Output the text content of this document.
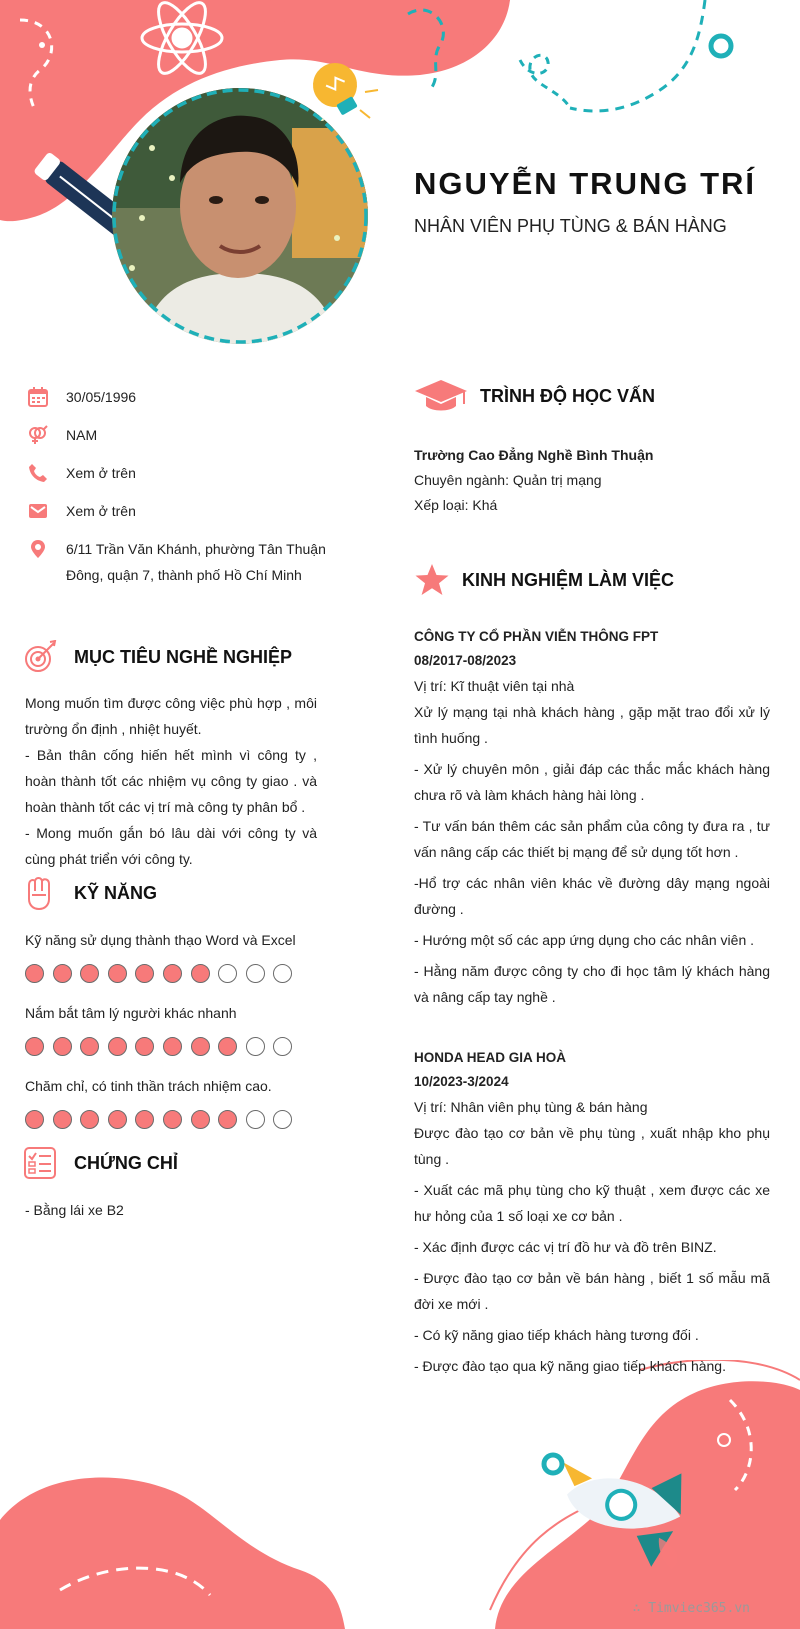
NGUYỄN TRUNG TRÍ
NHÂN VIÊN PHỤ TÙNG & BÁN HÀNG
30/05/1996
NAM
Xem ở trên
Xem ở trên
6/11 Trần Văn Khánh, phường Tân Thuận Đông, quận 7, thành phố Hồ Chí Minh
MỤC TIÊU NGHỀ NGHIỆP

Mong muốn tìm được công việc phù hợp , môi trường ổn định , nhiệt huyết.

- Bản thân cống hiến hết mình vì công ty , hoàn thành tốt các nhiệm vụ công ty giao . và hoàn thành tốt các vị trí mà công ty phân bổ .

- Mong muốn gắn bó lâu dài với công ty và cùng phát triển với công ty.

KỸ NĂNG
Kỹ năng sử dụng thành thạo Word và Excel
Nắm bắt tâm lý người khác nhanh
Chăm chỉ, có tinh thần trách nhiệm cao.
CHỨNG CHỈ
- Bằng lái xe B2
TRÌNH ĐỘ HỌC VẤN
Trường Cao Đẳng Nghề Bình Thuận
Chuyên ngành: Quản trị mạng
Xếp loại: Khá
KINH NGHIỆM LÀM VIỆC
CÔNG TY CỔ PHẦN VIỄN THÔNG FPT
08/2017-08/2023

Vị trí: Kĩ thuật viên tại nhà

Xử lý mạng tại nhà khách hàng , gặp mặt trao đổi xử lý tình huống .

- Xử lý chuyên môn , giải đáp các thắc mắc khách hàng chưa rõ và làm khách hàng hài lòng .

- Tư vấn bán thêm các sản phẩm của công ty đưa ra , tư vấn nâng cấp các thiết bị mạng để sử dụng tốt hơn .

-Hổ trợ các nhân viên khác về đường dây mạng ngoài đường .

- Hướng một số các app ứng dụng cho các nhân viên .

- Hằng năm được công ty cho đi học tâm lý khách hàng và nâng cấp tay nghề .

HONDA HEAD GIA HOÀ
10/2023-3/2024

Vị trí: Nhân viên phụ tùng & bán hàng

Được đào tạo cơ bản về phụ tùng , xuất nhập kho phụ tùng .

- Xuất các mã phụ tùng cho kỹ thuật , xem được các xe hư hỏng của 1 số loại xe cơ bản .

- Xác định được các vị trí đồ hư và đồ trên BINZ.

- Được đào tạo cơ bản về bán hàng , biết 1 số mẫu mã đời xe mới .

- Có kỹ năng giao tiếp khách hàng tương đối .

- Được đào tạo qua kỹ năng giao tiếp khách hàng.

∴ Timviec365.vn
